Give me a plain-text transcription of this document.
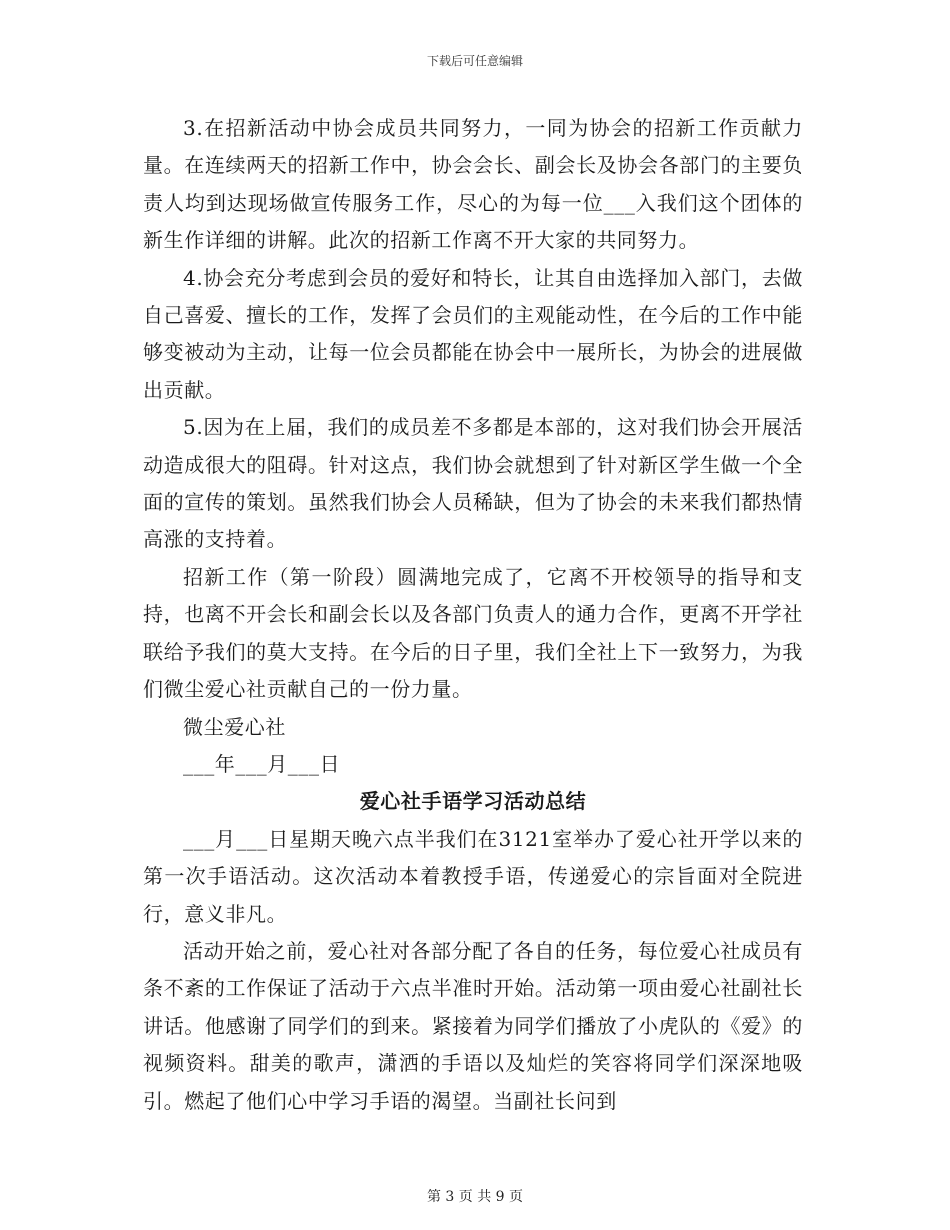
下载后可任意编辑

3.在招新活动中协会成员共同努力，一同为协会的招新工作贡献力量。在连续两天的招新工作中，协会会长、副会长及协会各部门的主要负责人均到达现场做宣传服务工作，尽心的为每一位___入我们这个团体的新生作详细的讲解。此次的招新工作离不开大家的共同努力。

4.协会充分考虑到会员的爱好和特长，让其自由选择加入部门，去做自己喜爱、擅长的工作，发挥了会员们的主观能动性，在今后的工作中能够变被动为主动，让每一位会员都能在协会中一展所长，为协会的进展做出贡献。

5.因为在上届，我们的成员差不多都是本部的，这对我们协会开展活动造成很大的阻碍。针对这点，我们协会就想到了针对新区学生做一个全面的宣传的策划。虽然我们协会人员稀缺，但为了协会的未来我们都热情高涨的支持着。

招新工作（第一阶段）圆满地完成了，它离不开校领导的指导和支持，也离不开会长和副会长以及各部门负责人的通力合作，更离不开学社联给予我们的莫大支持。在今后的日子里，我们全社上下一致努力，为我们微尘爱心社贡献自己的一份力量。

微尘爱心社

___年___月___日

爱心社手语学习活动总结

___月___日星期天晚六点半我们在3121室举办了爱心社开学以来的第一次手语活动。这次活动本着教授手语，传递爱心的宗旨面对全院进行，意义非凡。

活动开始之前，爱心社对各部分配了各自的任务，每位爱心社成员有条不紊的工作保证了活动于六点半准时开始。活动第一项由爱心社副社长讲话。他感谢了同学们的到来。紧接着为同学们播放了小虎队的《爱》的视频资料。甜美的歌声，潇洒的手语以及灿烂的笑容将同学们深深地吸引。燃起了他们心中学习手语的渴望。当副社长问到

第 3 页 共 9 页
